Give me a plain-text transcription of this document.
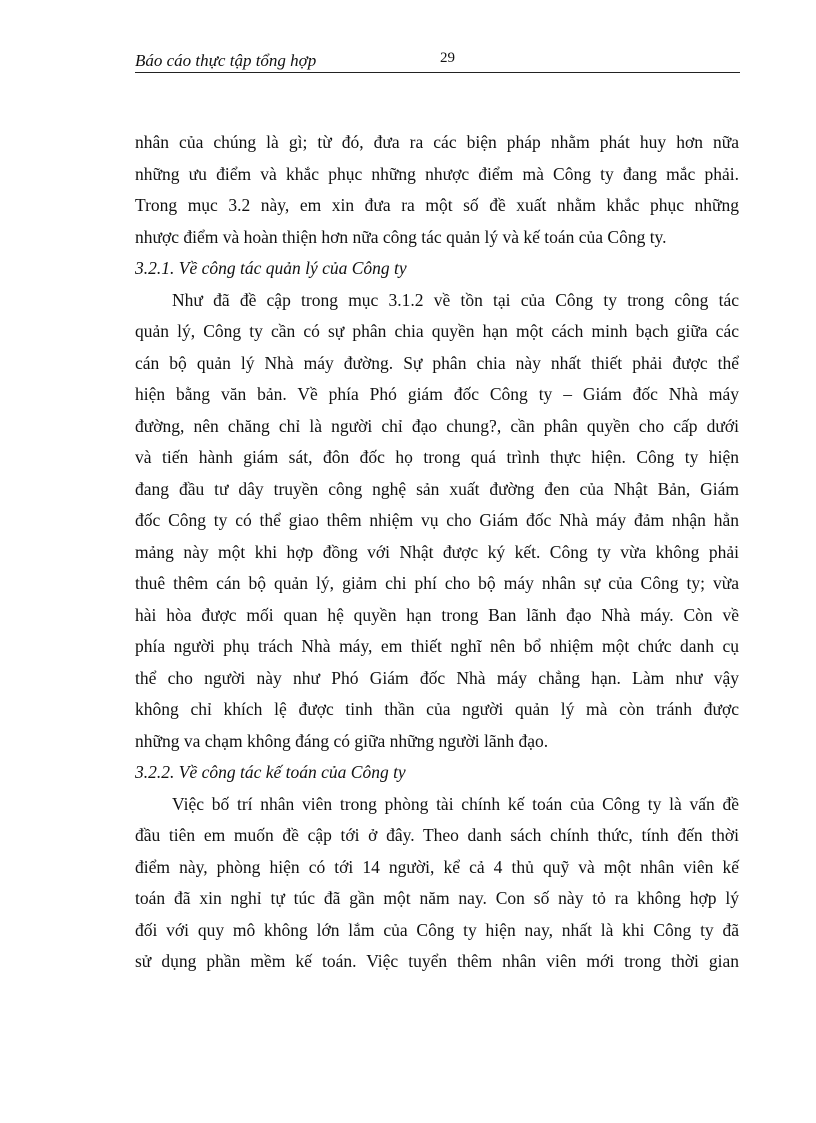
Báo cáo thực tập tổng hợp	29
nhân của chúng là gì; từ đó, đưa ra các biện pháp nhằm phát huy hơn nữa
những ưu điểm và khắc phục những nhược điểm mà Công ty đang mắc phải.
Trong mục 3.2 này, em xin đưa ra một số đề xuất nhằm khắc phục những
nhược điểm và hoàn thiện hơn nữa công tác quản lý và kế toán của Công ty.
3.2.1. Về công tác quản lý của Công ty
Như đã đề cập trong mục 3.1.2 về tồn tại của Công ty trong công tác
quản lý, Công ty cần có sự phân chia quyền hạn một cách minh bạch giữa các
cán bộ quản lý Nhà máy đường. Sự phân chia này nhất thiết phải được thể
hiện bằng văn bản. Về phía Phó giám đốc Công ty – Giám đốc Nhà máy
đường, nên chăng chỉ là người chỉ đạo chung?, cần phân quyền cho cấp dưới
và tiến hành giám sát, đôn đốc họ trong quá trình thực hiện. Công ty hiện
đang đầu tư dây truyền công nghệ sản xuất đường đen của Nhật Bản, Giám
đốc Công ty có thể giao thêm nhiệm vụ cho Giám đốc Nhà máy đảm nhận hẳn
mảng này một khi hợp đồng với Nhật được ký kết. Công ty vừa không phải
thuê thêm cán bộ quản lý, giảm chi phí cho bộ máy nhân sự của Công ty; vừa
hài hòa được mối quan hệ quyền hạn trong Ban lãnh đạo Nhà máy. Còn về
phía người phụ trách Nhà máy, em thiết nghĩ nên bổ nhiệm một chức danh cụ
thể cho người này như Phó Giám đốc Nhà máy chẳng hạn. Làm như vậy
không chỉ khích lệ được tinh thần của người quản lý mà còn tránh được
những va chạm không đáng có giữa những người lãnh đạo.
3.2.2. Về công tác kế toán của Công ty
Việc bố trí nhân viên trong phòng tài chính kế toán của Công ty là vấn đề
đầu tiên em muốn đề cập tới ở đây. Theo danh sách chính thức, tính đến thời
điểm này, phòng hiện có tới 14 người, kể cả 4 thủ quỹ và một nhân viên kế
toán đã xin nghỉ tự túc đã gần một năm nay. Con số này tỏ ra không hợp lý
đối với quy mô không lớn lắm của Công ty hiện nay, nhất là khi Công ty đã
sử dụng phần mềm kế toán. Việc tuyển thêm nhân viên mới trong thời gian
